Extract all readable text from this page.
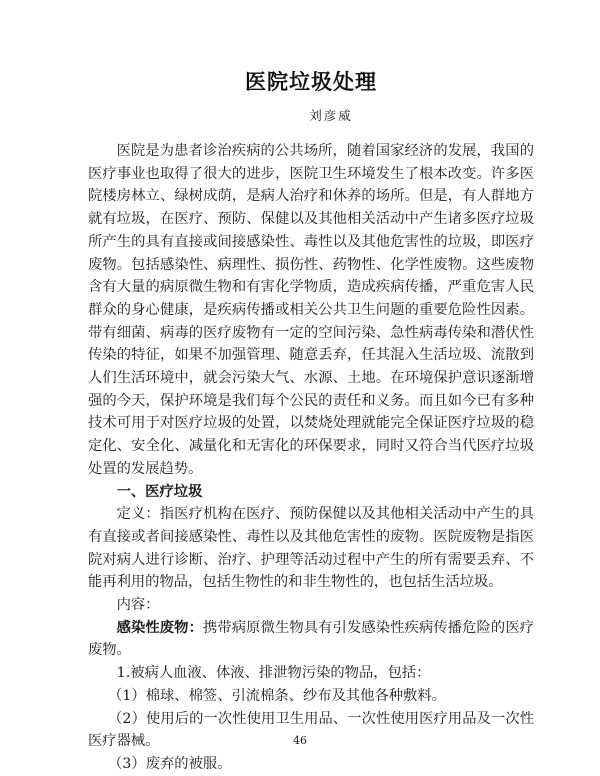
医院垃圾处理
刘彦威

医院是为患者诊治疾病的公共场所，随着国家经济的发展，我国的医疗事业也取得了很大的进步，医院卫生环境发生了根本改变。许多医院楼房林立、绿树成荫，是病人治疗和休养的场所。但是，有人群地方就有垃圾，在医疗、预防、保健以及其他相关活动中产生诸多医疗垃圾所产生的具有直接或间接感染性、毒性以及其他危害性的垃圾，即医疗废物。包括感染性、病理性、损伤性、药物性、化学性废物。这些废物含有大量的病原微生物和有害化学物质，造成疾病传播，严重危害人民群众的身心健康，是疾病传播或相关公共卫生问题的重要危险性因素。带有细菌、病毒的医疗废物有一定的空间污染、急性病毒传染和潜伏性传染的特征，如果不加强管理、随意丢弃，任其混入生活垃圾、流散到人们生活环境中，就会污染大气、水源、土地。在环境保护意识逐渐增强的今天，保护环境是我们每个公民的责任和义务。而且如今已有多种技术可用于对医疗垃圾的处置，以焚烧处理就能完全保证医疗垃圾的稳定化、安全化、减量化和无害化的环保要求，同时又符合当代医疗垃圾处置的发展趋势。

一、医疗垃圾

定义：指医疗机构在医疗、预防保健以及其他相关活动中产生的具有直接或者间接感染性、毒性以及其他危害性的废物。医院废物是指医院对病人进行诊断、治疗、护理等活动过程中产生的所有需要丢弃、不能再利用的物品，包括生物性的和非生物性的，也包括生活垃圾。

内容：

感染性废物：携带病原微生物具有引发感染性疾病传播危险的医疗废物。

1.被病人血液、体液、排泄物污染的物品，包括：

（1）棉球、棉签、引流棉条、纱布及其他各种敷料。

（2）使用后的一次性使用卫生用品、一次性使用医疗用品及一次性医疗器械。

（3）废弃的被服。

46
